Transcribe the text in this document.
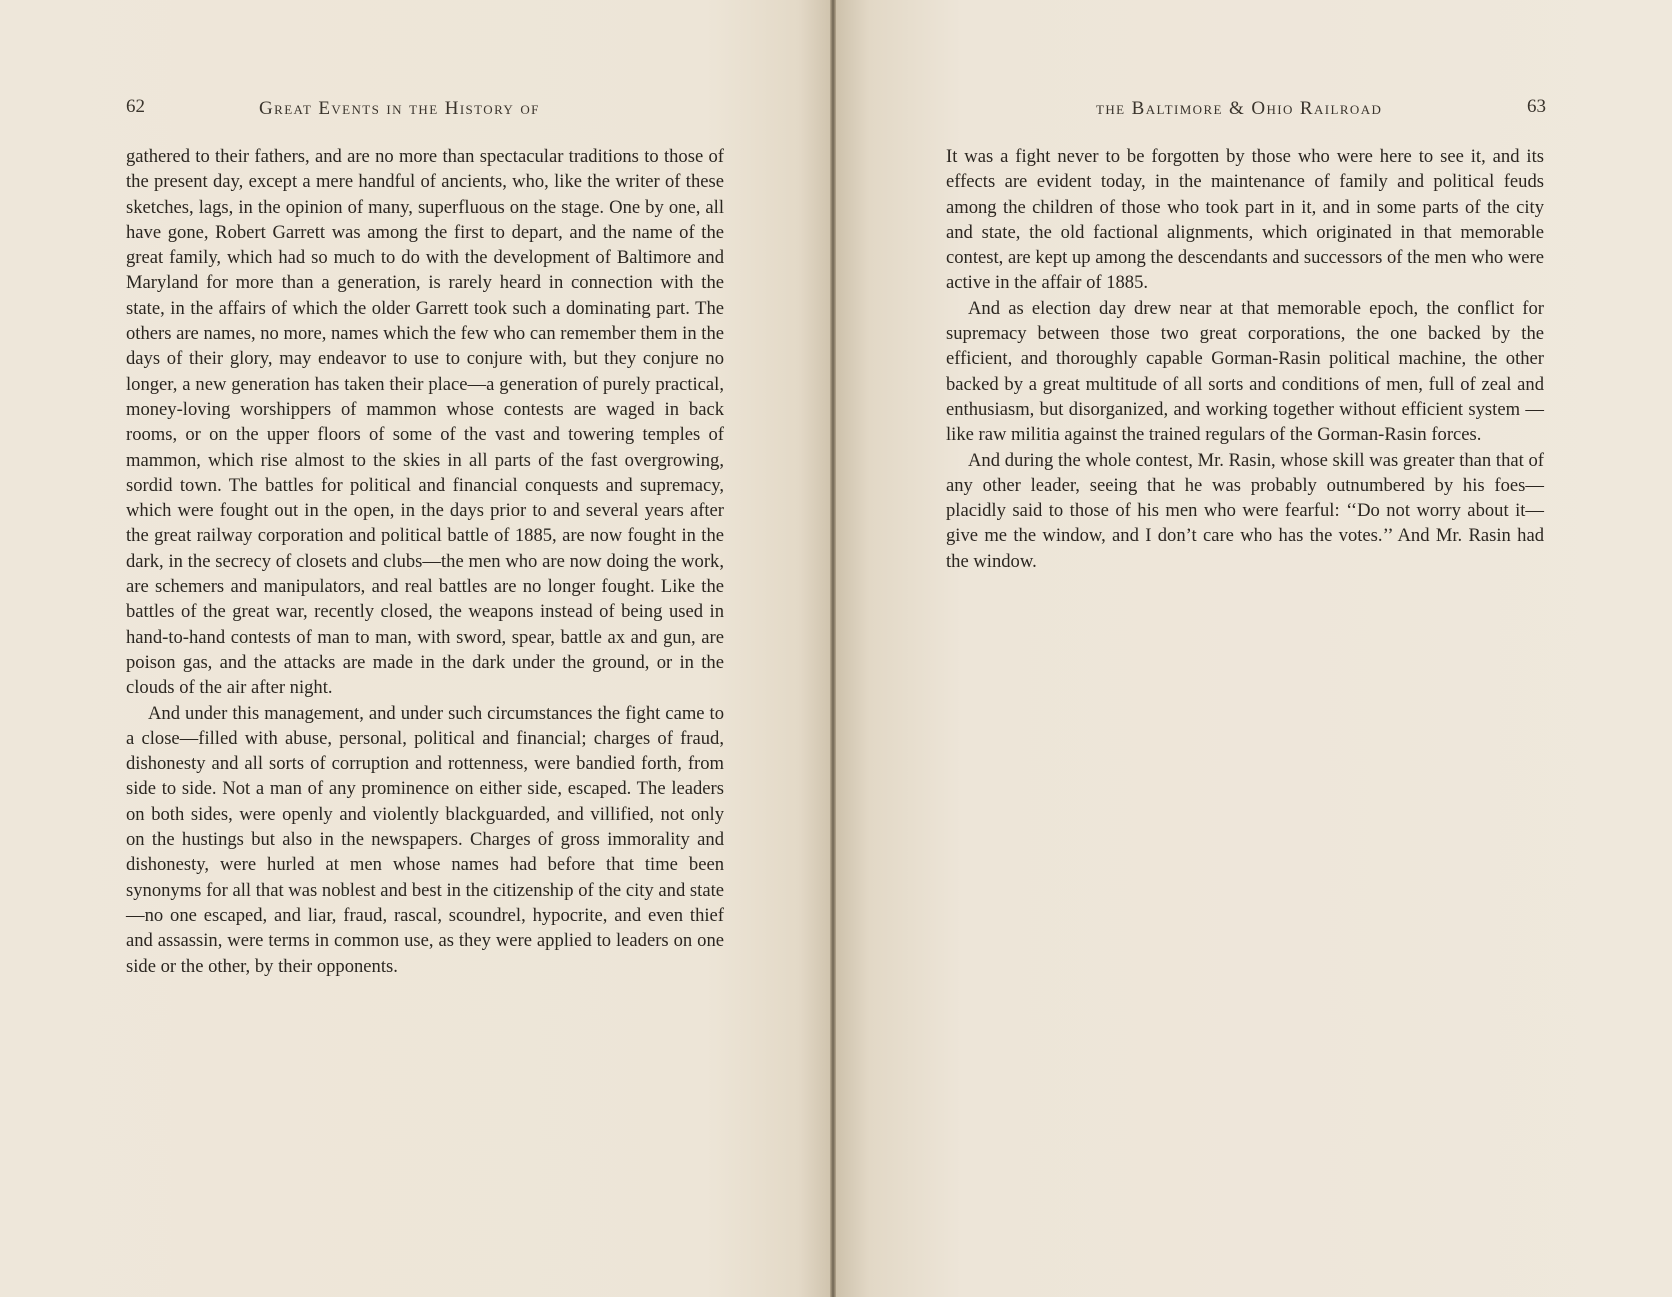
62	Great Events in the History of

gathered to their fathers, and are no more than spectacular traditions to those of the present day, except a mere handful of ancients, who, like the writer of these sketches, lags, in the opinion of many, superfluous on the stage. One by one, all have gone, Robert Garrett was among the first to depart, and the name of the great family, which had so much to do with the development of Baltimore and Maryland for more than a generation, is rarely heard in connection with the state, in the affairs of which the older Garrett took such a dominating part. The others are names, no more, names which the few who can remember them in the days of their glory, may endeavor to use to conjure with, but they conjure no longer, a new generation has taken their place—a generation of purely practical, money-loving worshippers of mammon whose contests are waged in back rooms, or on the upper floors of some of the vast and towering temples of mammon, which rise almost to the skies in all parts of the fast overgrowing, sordid town. The battles for political and financial conquests and supremacy, which were fought out in the open, in the days prior to and several years after the great railway corporation and political battle of 1885, are now fought in the dark, in the secrecy of closets and clubs—the men who are now doing the work, are schemers and manipulators, and real battles are no longer fought. Like the battles of the great war, recently closed, the weapons instead of being used in hand-to-hand contests of man to man, with sword, spear, battle ax and gun, are poison gas, and the attacks are made in the dark under the ground, or in the clouds of the air after night.

And under this management, and under such circumstances the fight came to a close—filled with abuse, personal, political and financial; charges of fraud, dishonesty and all sorts of corruption and rottenness, were bandied forth, from side to side. Not a man of any prominence on either side, escaped. The leaders on both sides, were openly and violently blackguarded, and villified, not only on the hustings but also in the newspapers. Charges of gross immorality and dishonesty, were hurled at men whose names had before that time been synonyms for all that was noblest and best in the citizenship of the city and state—no one escaped, and liar, fraud, rascal, scoundrel, hypocrite, and even thief and assassin, were terms in common use, as they were applied to leaders on one side or the other, by their opponents.

the Baltimore & Ohio Railroad	63

It was a fight never to be forgotten by those who were here to see it, and its effects are evident today, in the maintenance of family and political feuds among the children of those who took part in it, and in some parts of the city and state, the old factional alignments, which originated in that memorable contest, are kept up among the descendants and successors of the men who were active in the affair of 1885.

And as election day drew near at that memorable epoch, the conflict for supremacy between those two great corporations, the one backed by the efficient, and thoroughly capable Gorman-Rasin political machine, the other backed by a great multitude of all sorts and conditions of men, full of zeal and enthusiasm, but disorganized, and working together without efficient system —like raw militia against the trained regulars of the Gorman-Rasin forces.

And during the whole contest, Mr. Rasin, whose skill was greater than that of any other leader, seeing that he was probably outnumbered by his foes—placidly said to those of his men who were fearful: ‘‘Do not worry about it—give me the window, and I don’t care who has the votes.’’ And Mr. Rasin had the window.
